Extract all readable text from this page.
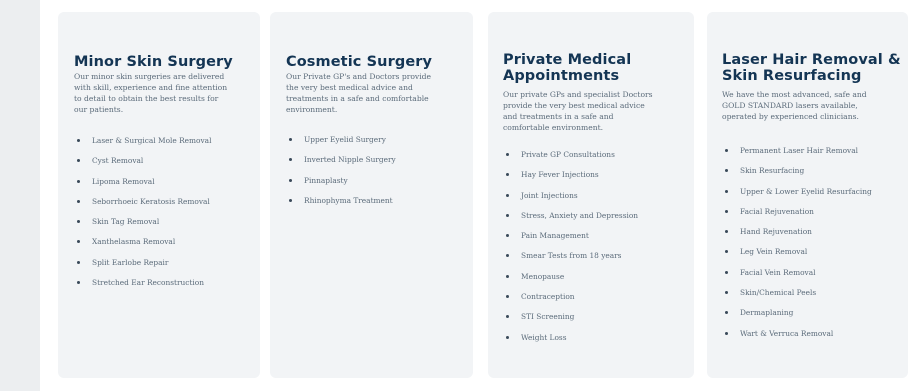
Minor Skin Surgery

Our minor skin surgeries are delivered
with skill, experience and fine attention
to detail to obtain the best results for
our patients.

Laser & Surgical Mole Removal
Cyst Removal
Lipoma Removal
Seborrhoeic Keratosis Removal
Skin Tag Removal
Xanthelasma Removal
Split Earlobe Repair
Stretched Ear Reconstruction
Cosmetic Surgery

Our Private GP's and Doctors provide
the very best medical advice and
treatments in a safe and comfortable
environment.

Upper Eyelid Surgery
Inverted Nipple Surgery
Pinnaplasty
Rhinophyma Treatment
Private Medical
Appointments

Our private GPs and specialist Doctors
provide the very best medical advice
and treatments in a safe and
comfortable environment.

Private GP Consultations
Hay Fever Injections
Joint Injections
Stress, Anxiety and Depression
Pain Management
Smear Tests from 18 years
Menopause
Contraception
STI Screening
Weight Loss
Laser Hair Removal &
Skin Resurfacing

We have the most advanced, safe and
GOLD STANDARD lasers available,
operated by experienced clinicians.

Permanent Laser Hair Removal
Skin Resurfacing
Upper & Lower Eyelid Resurfacing
Facial Rejuvenation
Hand Rejuvenation
Leg Vein Removal
Facial Vein Removal
Skin/Chemical Peels
Dermaplaning
Wart & Verruca Removal
